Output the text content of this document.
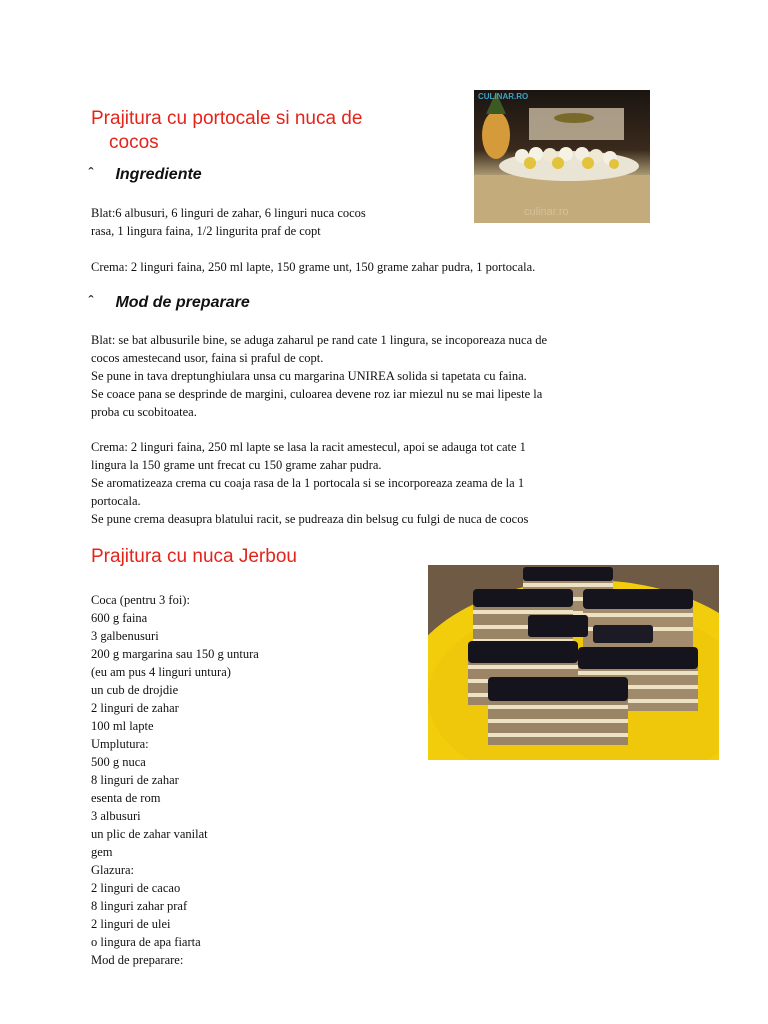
Prajitura cu portocale si nuca de
cocos
CULINAR.RO
culinar.ro
Ingrediente

Blat:6 albusuri, 6 linguri de zahar, 6 linguri nuca cocos
rasa, 1 lingura faina, 1/2 lingurita praf de copt

Crema: 2 linguri faina, 250 ml lapte, 150 grame unt, 150 grame zahar pudra, 1 portocala.

Mod de preparare

Blat: se bat albusurile bine, se aduga zaharul pe rand cate 1 lingura, se incoporeaza nuca de
cocos amestecand usor, faina si praful de copt.
Se pune in tava dreptunghiulara unsa cu margarina UNIREA solida si tapetata cu faina.
Se coace pana se desprinde de margini, culoarea devene roz iar miezul nu se mai lipeste la
proba cu scobitoatea.

Crema: 2 linguri faina, 250 ml lapte se lasa la racit amestecul, apoi se adauga tot cate 1
lingura la 150 grame unt frecat cu 150 grame zahar pudra.
Se aromatizeaza crema cu coaja rasa de la 1 portocala si se incorporeaza zeama de la 1
portocala.
Se pune crema deasupra blatului racit, se pudreaza din belsug cu fulgi de nuca de cocos

Prajitura cu nuca Jerbou

Coca (pentru 3 foi):
600 g faina
3 galbenusuri
200 g margarina sau 150 g untura
(eu am pus 4 linguri untura)
un cub de drojdie
2 linguri de zahar
100 ml lapte
Umplutura:
500 g nuca
8 linguri de zahar
esenta de rom
3 albusuri
un plic de zahar vanilat
gem
Glazura:
2 linguri de cacao
8 linguri zahar praf
2 linguri de ulei
o lingura de apa fiarta
Mod de preparare:
